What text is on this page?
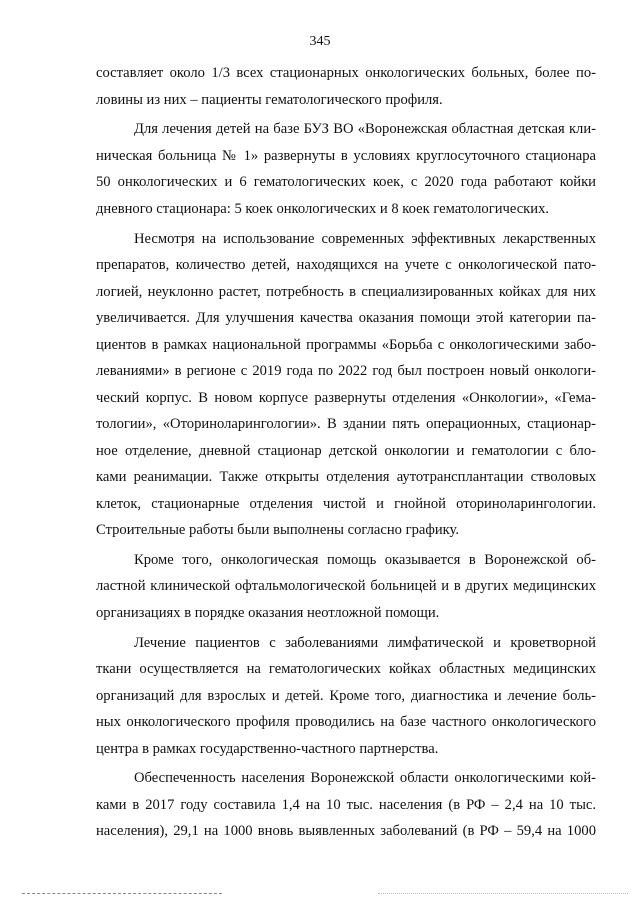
345
составляет около 1/3 всех стационарных онкологических больных, более по-
ловины из них – пациенты гематологического профиля.
Для лечения детей на базе БУЗ ВО «Воронежская областная детская кли-
ническая больница № 1» развернуты в условиях круглосуточного стационара
50 онкологических и 6 гематологических коек, с 2020 года работают койки
дневного стационара: 5 коек онкологических и 8 коек гематологических.
Несмотря на использование современных эффективных лекарственных
препаратов, количество детей, находящихся на учете с онкологической пато-
логией, неуклонно растет, потребность в специализированных койках для них
увеличивается. Для улучшения качества оказания помощи этой категории па-
циентов в рамках национальной программы «Борьба с онкологическими забо-
леваниями» в регионе с 2019 года по 2022 год был построен новый онкологи-
ческий корпус. В новом корпусе развернуты отделения «Онкологии», «Гема-
тологии», «Оториноларингологии». В здании пять операционных, стационар-
ное отделение, дневной стационар детской онкологии и гематологии с бло-
ками реанимации. Также открыты отделения аутотрансплантации стволовых
клеток, стационарные отделения чистой и гнойной оториноларингологии.
Строительные работы были выполнены согласно графику.
Кроме того, онкологическая помощь оказывается в Воронежской об-
ластной клинической офтальмологической больницей и в других медицинских
организациях в порядке оказания неотложной помощи.
Лечение пациентов с заболеваниями лимфатической и кроветворной
ткани осуществляется на гематологических койках областных медицинских
организаций для взрослых и детей. Кроме того, диагностика и лечение боль-
ных онкологического профиля проводились на базе частного онкологического
центра в рамках государственно-частного партнерства.
Обеспеченность населения Воронежской области онкологическими кой-
ками в 2017 году составила 1,4 на 10 тыс. населения (в РФ – 2,4 на 10 тыс.
населения), 29,1 на 1000 вновь выявленных заболеваний (в РФ – 59,4 на 1000
